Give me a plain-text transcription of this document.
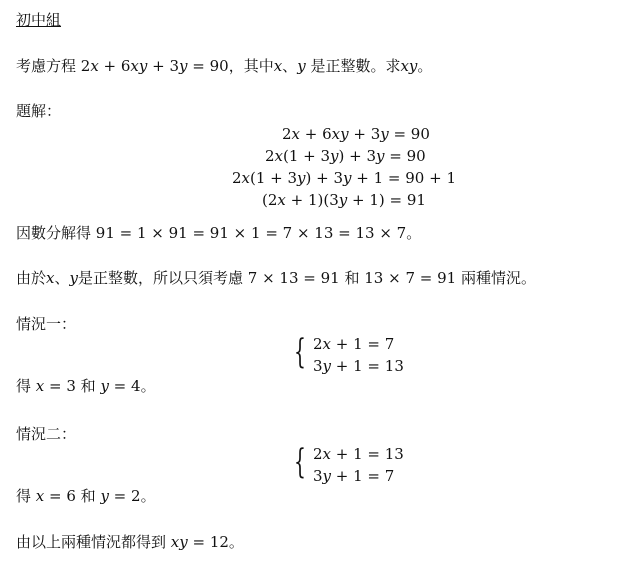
初中組
考慮方程 2𝑥 + 6𝑥𝑦 + 3𝑦 = 90，其中𝑥、𝑦 是正整數。求𝑥𝑦。
題解：
2𝑥 + 6𝑥𝑦 + 3𝑦 = 90
2𝑥(1 + 3𝑦) + 3𝑦 = 90
2𝑥(1 + 3𝑦) + 3𝑦 + 1 = 90 + 1
(2𝑥 + 1)(3𝑦 + 1) = 91
因數分解得 91 = 1 × 91 = 91 × 1 = 7 × 13 = 13 × 7。
由於𝑥、𝑦是正整數，所以只須考慮 7 × 13 = 91 和 13 × 7 = 91 兩種情況。
情況一：
{ 2𝑥 + 1 = 7
3𝑦 + 1 = 13
得 𝑥 = 3 和 𝑦 = 4。
情況二：
{ 2𝑥 + 1 = 13
3𝑦 + 1 = 7
得 𝑥 = 6 和 𝑦 = 2。
由以上兩種情況都得到 𝑥𝑦 = 12。
